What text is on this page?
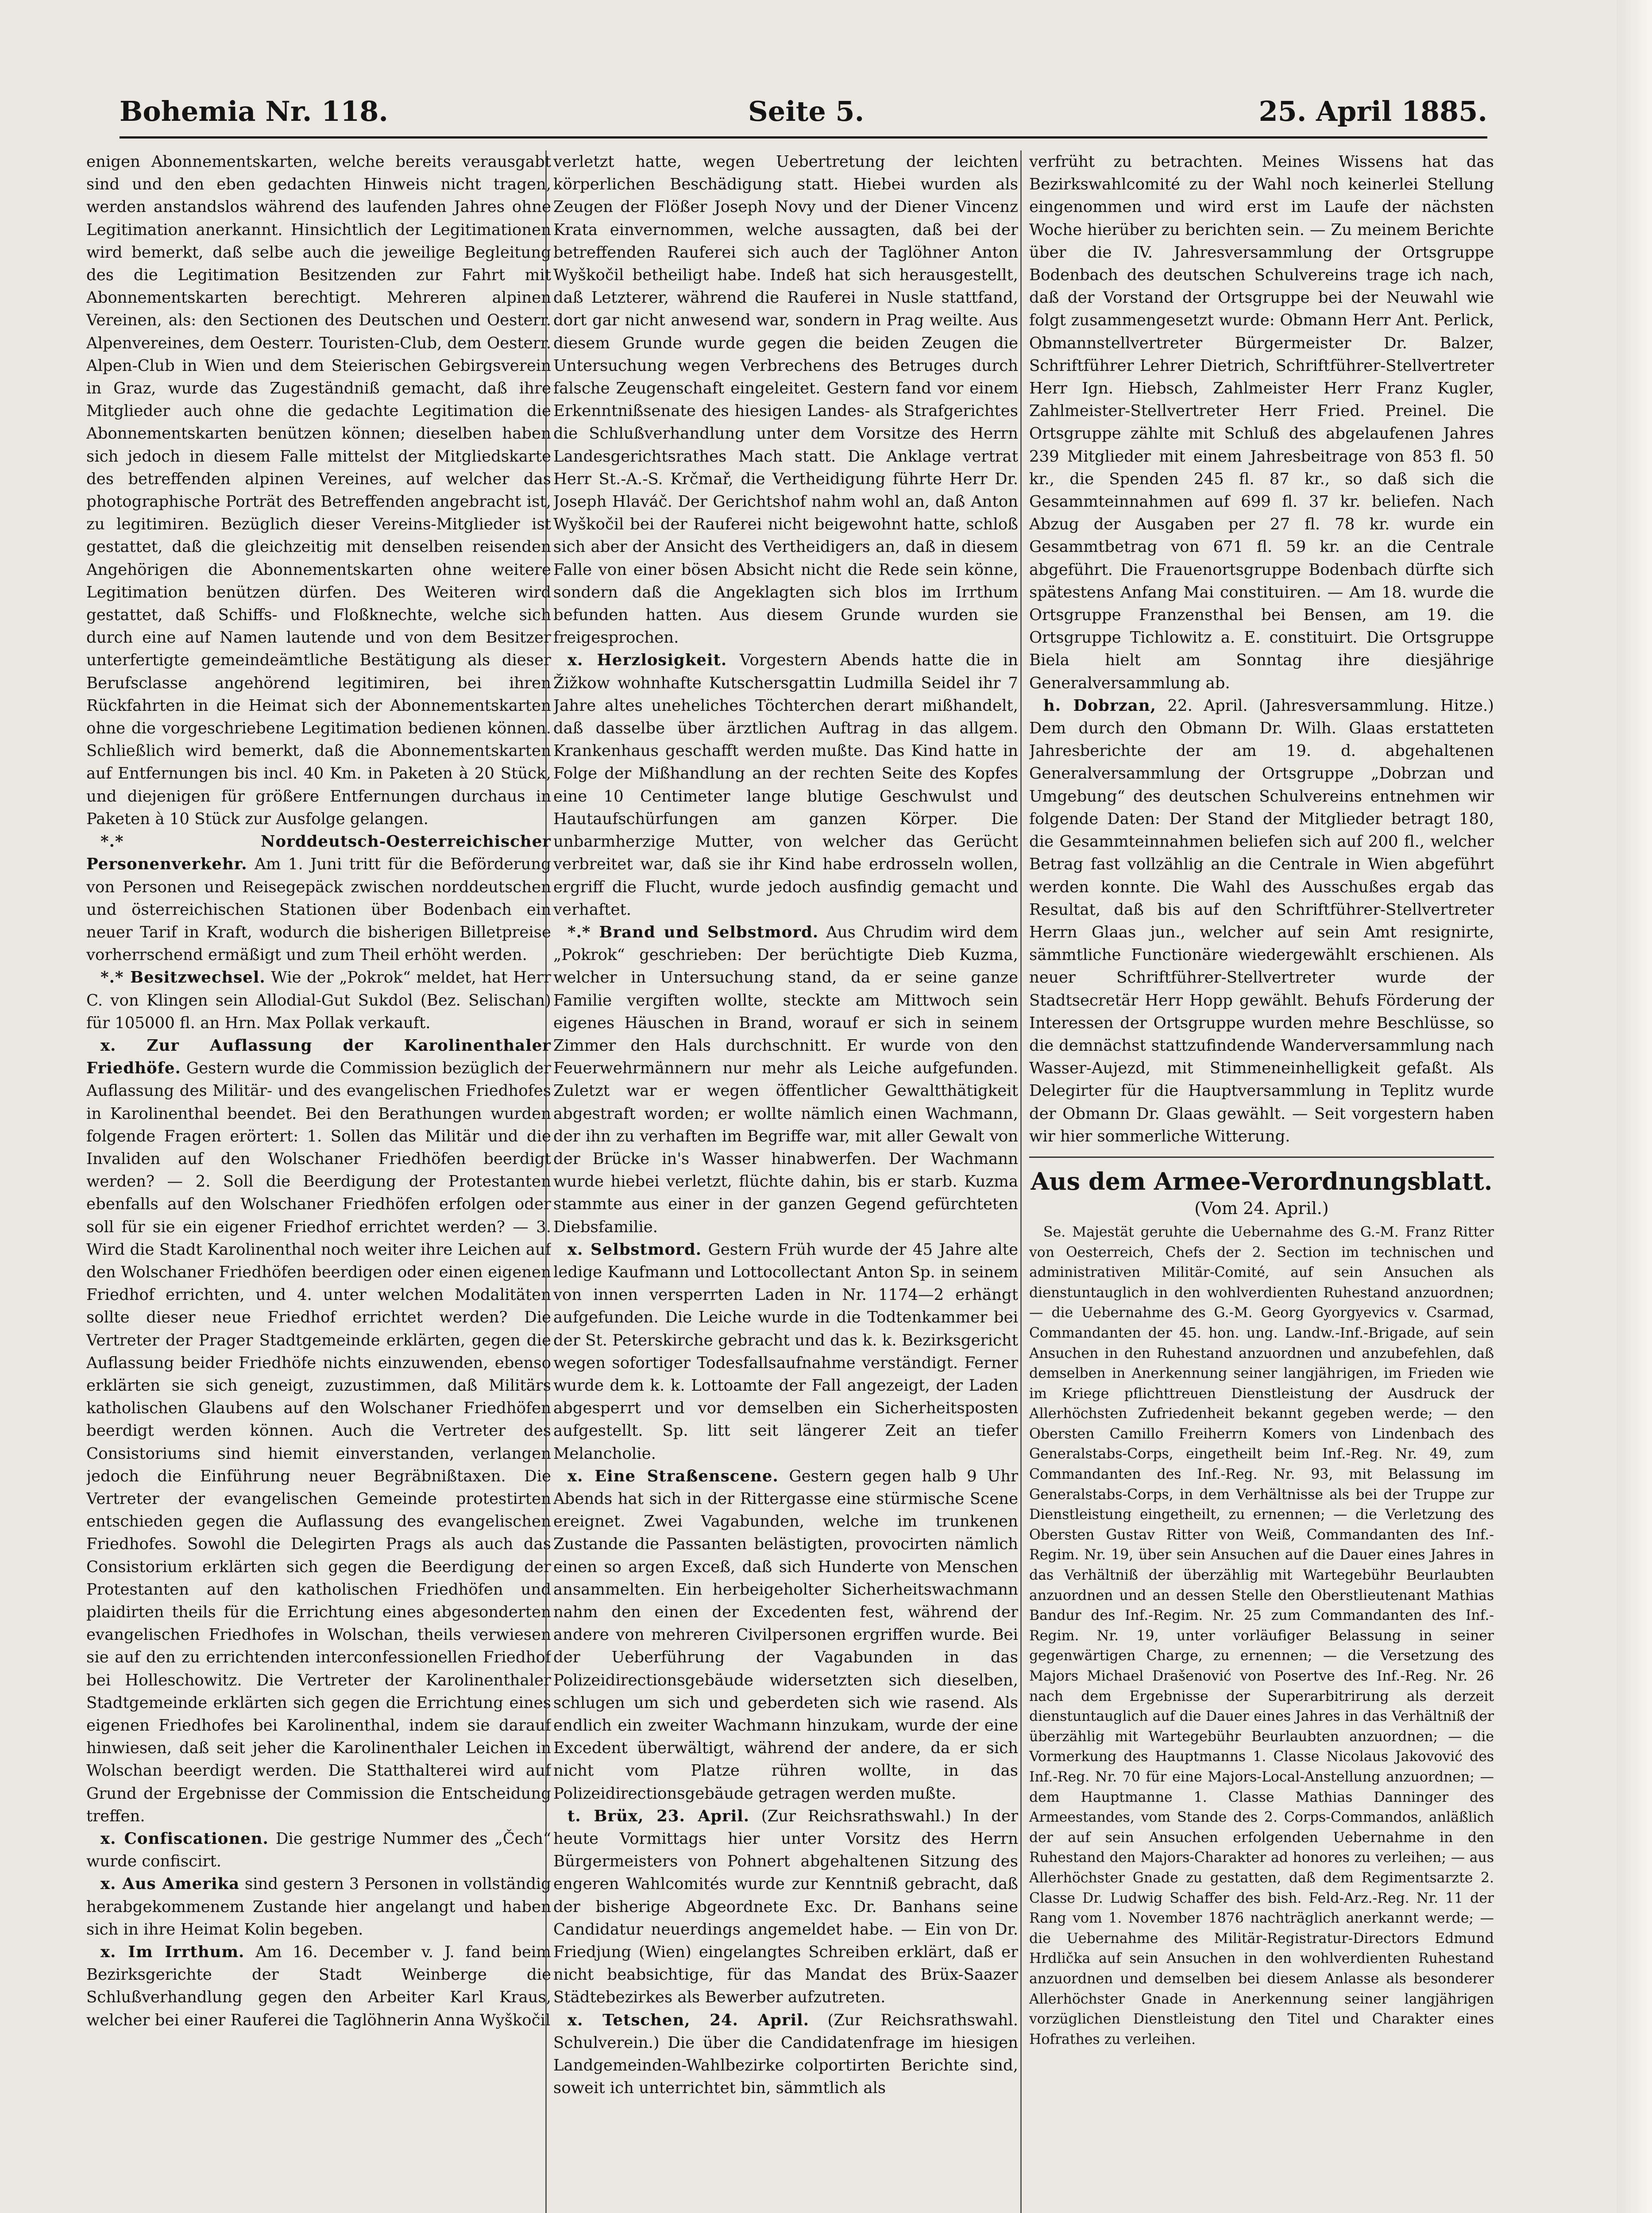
Bohemia Nr. 118.	Seite 5.	25. April 1885.

enigen Abonnementskarten, welche bereits verausgabt sind und den eben gedachten Hinweis nicht tragen, werden anstandslos während des laufenden Jahres ohne Legitimation anerkannt. Hinsichtlich der Legitimationen wird bemerkt, daß selbe auch die jeweilige Begleitung des die Legitimation Besitzenden zur Fahrt mit Abonnementskarten berechtigt. Mehreren alpinen Vereinen, als: den Sectionen des Deutschen und Oesterr. Alpenvereines, dem Oesterr. Touristen-Club, dem Oesterr. Alpen-Club in Wien und dem Steierischen Gebirgsverein in Graz, wurde das Zugeständniß gemacht, daß ihre Mitglieder auch ohne die gedachte Legitimation die Abonnementskarten benützen können; dieselben haben sich jedoch in diesem Falle mittelst der Mitgliedskarte des betreffenden alpinen Vereines, auf welcher das photographische Porträt des Betreffenden angebracht ist, zu legitimiren. Bezüglich dieser Vereins-Mitglieder ist gestattet, daß die gleichzeitig mit denselben reisenden Angehörigen die Abonnementskarten ohne weitere Legitimation benützen dürfen. Des Weiteren wird gestattet, daß Schiffs- und Floßknechte, welche sich durch eine auf Namen lautende und von dem Besitzer unterfertigte gemeindeämtliche Bestätigung als dieser Berufsclasse angehörend legitimiren, bei ihren Rückfahrten in die Heimat sich der Abonnementskarten ohne die vorgeschriebene Legitimation bedienen können. Schließlich wird bemerkt, daß die Abonnementskarten auf Entfernungen bis incl. 40 Km. in Paketen à 20 Stück, und diejenigen für größere Entfernungen durchaus in Paketen à 10 Stück zur Ausfolge gelangen.

*.* Norddeutsch-Oesterreichischer Personenverkehr. Am 1. Juni tritt für die Beförderung von Personen und Reisegepäck zwischen norddeutschen und österreichischen Stationen über Bodenbach ein neuer Tarif in Kraft, wodurch die bisherigen Billetpreise vorherrschend ermäßigt und zum Theil erhöht werden.

*.* Besitzwechsel. Wie der „Pokrok“ meldet, hat Herr C. von Klingen sein Allodial-Gut Sukdol (Bez. Selischan) für 105000 fl. an Hrn. Max Pollak verkauft.

x. Zur Auflassung der Karolinenthaler Friedhöfe. Gestern wurde die Commission bezüglich der Auflassung des Militär- und des evangelischen Friedhofes in Karolinenthal beendet. Bei den Berathungen wurden folgende Fragen erörtert: 1. Sollen das Militär und die Invaliden auf den Wolschaner Friedhöfen beerdigt werden? — 2. Soll die Beerdigung der Protestanten ebenfalls auf den Wolschaner Friedhöfen erfolgen oder soll für sie ein eigener Friedhof errichtet werden? — 3. Wird die Stadt Karolinenthal noch weiter ihre Leichen auf den Wolschaner Friedhöfen beerdigen oder einen eigenen Friedhof errichten, und 4. unter welchen Modalitäten sollte dieser neue Friedhof errichtet werden? Die Vertreter der Prager Stadtgemeinde erklärten, gegen die Auflassung beider Friedhöfe nichts einzuwenden, ebenso erklärten sie sich geneigt, zuzustimmen, daß Militärs katholischen Glaubens auf den Wolschaner Friedhöfen beerdigt werden können. Auch die Vertreter des Consistoriums sind hiemit einverstanden, verlangen jedoch die Einführung neuer Begräbnißtaxen. Die Vertreter der evangelischen Gemeinde protestirten entschieden gegen die Auflassung des evangelischen Friedhofes. Sowohl die Delegirten Prags als auch das Consistorium erklärten sich gegen die Beerdigung der Protestanten auf den katholischen Friedhöfen und plaidirten theils für die Errichtung eines abgesonderten evangelischen Friedhofes in Wolschan, theils verwiesen sie auf den zu errichtenden interconfessionellen Friedhof bei Holleschowitz. Die Vertreter der Karolinenthaler Stadtgemeinde erklärten sich gegen die Errichtung eines eigenen Friedhofes bei Karolinenthal, indem sie darauf hinwiesen, daß seit jeher die Karolinenthaler Leichen in Wolschan beerdigt werden. Die Statthalterei wird auf Grund der Ergebnisse der Commission die Entscheidung treffen.

x. Confiscationen. Die gestrige Nummer des „Čech“ wurde confiscirt.

x. Aus Amerika sind gestern 3 Personen in vollständig herabgekommenem Zustande hier angelangt und haben sich in ihre Heimat Kolin begeben.

x. Im Irrthum. Am 16. December v. J. fand beim Bezirksgerichte der Stadt Weinberge die Schlußverhandlung gegen den Arbeiter Karl Kraus, welcher bei einer Rauferei die Taglöhnerin Anna Wyškočil

verletzt hatte, wegen Uebertretung der leichten körperlichen Beschädigung statt. Hiebei wurden als Zeugen der Flößer Joseph Novy und der Diener Vincenz Krata einvernommen, welche aussagten, daß bei der betreffenden Rauferei sich auch der Taglöhner Anton Wyškočil betheiligt habe. Indeß hat sich herausgestellt, daß Letzterer, während die Rauferei in Nusle stattfand, dort gar nicht anwesend war, sondern in Prag weilte. Aus diesem Grunde wurde gegen die beiden Zeugen die Untersuchung wegen Verbrechens des Betruges durch falsche Zeugenschaft eingeleitet. Gestern fand vor einem Erkenntnißsenate des hiesigen Landes- als Strafgerichtes die Schlußverhandlung unter dem Vorsitze des Herrn Landesgerichtsrathes Mach statt. Die Anklage vertrat Herr St.-A.-S. Krčmař, die Vertheidigung führte Herr Dr. Joseph Hlaváč. Der Gerichtshof nahm wohl an, daß Anton Wyškočil bei der Rauferei nicht beigewohnt hatte, schloß sich aber der Ansicht des Vertheidigers an, daß in diesem Falle von einer bösen Absicht nicht die Rede sein könne, sondern daß die Angeklagten sich blos im Irrthum befunden hatten. Aus diesem Grunde wurden sie freigesprochen.

x. Herzlosigkeit. Vorgestern Abends hatte die in Žižkow wohnhafte Kutschersgattin Ludmilla Seidel ihr 7 Jahre altes uneheliches Töchterchen derart mißhandelt, daß dasselbe über ärztlichen Auftrag in das allgem. Krankenhaus geschafft werden mußte. Das Kind hatte in Folge der Mißhandlung an der rechten Seite des Kopfes eine 10 Centimeter lange blutige Geschwulst und Hautaufschürfungen am ganzen Körper. Die unbarmherzige Mutter, von welcher das Gerücht verbreitet war, daß sie ihr Kind habe erdrosseln wollen, ergriff die Flucht, wurde jedoch ausfindig gemacht und verhaftet.

*.* Brand und Selbstmord. Aus Chrudim wird dem „Pokrok“ geschrieben: Der berüchtigte Dieb Kuzma, welcher in Untersuchung stand, da er seine ganze Familie vergiften wollte, steckte am Mittwoch sein eigenes Häuschen in Brand, worauf er sich in seinem Zimmer den Hals durchschnitt. Er wurde von den Feuerwehrmännern nur mehr als Leiche aufgefunden. Zuletzt war er wegen öffentlicher Gewaltthätigkeit abgestraft worden; er wollte nämlich einen Wachmann, der ihn zu verhaften im Begriffe war, mit aller Gewalt von der Brücke in's Wasser hinabwerfen. Der Wachmann wurde hiebei verletzt, flüchte dahin, bis er starb. Kuzma stammte aus einer in der ganzen Gegend gefürchteten Diebsfamilie.

x. Selbstmord. Gestern Früh wurde der 45 Jahre alte ledige Kaufmann und Lottocollectant Anton Sp. in seinem von innen versperrten Laden in Nr. 1174—2 erhängt aufgefunden. Die Leiche wurde in die Todtenkammer bei der St. Peterskirche gebracht und das k. k. Bezirksgericht wegen sofortiger Todesfallsaufnahme verständigt. Ferner wurde dem k. k. Lottoamte der Fall angezeigt, der Laden abgesperrt und vor demselben ein Sicherheitsposten aufgestellt. Sp. litt seit längerer Zeit an tiefer Melancholie.

x. Eine Straßenscene. Gestern gegen halb 9 Uhr Abends hat sich in der Rittergasse eine stürmische Scene ereignet. Zwei Vagabunden, welche im trunkenen Zustande die Passanten belästigten, provocirten nämlich einen so argen Exceß, daß sich Hunderte von Menschen ansammelten. Ein herbeigeholter Sicherheitswachmann nahm den einen der Excedenten fest, während der andere von mehreren Civilpersonen ergriffen wurde. Bei der Ueberführung der Vagabunden in das Polizeidirectionsgebäude widersetzten sich dieselben, schlugen um sich und geberdeten sich wie rasend. Als endlich ein zweiter Wachmann hinzukam, wurde der eine Excedent überwältigt, während der andere, da er sich nicht vom Platze rühren wollte, in das Polizeidirectionsgebäude getragen werden mußte.

t. Brüx, 23. April. (Zur Reichsrathswahl.) In der heute Vormittags hier unter Vorsitz des Herrn Bürgermeisters von Pohnert abgehaltenen Sitzung des engeren Wahlcomités wurde zur Kenntniß gebracht, daß der bisherige Abgeordnete Exc. Dr. Banhans seine Candidatur neuerdings angemeldet habe. — Ein von Dr. Friedjung (Wien) eingelangtes Schreiben erklärt, daß er nicht beabsichtige, für das Mandat des Brüx-Saazer Städtebezirkes als Bewerber aufzutreten.

x. Tetschen, 24. April. (Zur Reichsrathswahl. Schulverein.) Die über die Candidatenfrage im hiesigen Landgemeinden-Wahlbezirke colportirten Berichte sind, soweit ich unterrichtet bin, sämmtlich als

verfrüht zu betrachten. Meines Wissens hat das Bezirkswahlcomité zu der Wahl noch keinerlei Stellung eingenommen und wird erst im Laufe der nächsten Woche hierüber zu berichten sein. — Zu meinem Berichte über die IV. Jahresversammlung der Ortsgruppe Bodenbach des deutschen Schulvereins trage ich nach, daß der Vorstand der Ortsgruppe bei der Neuwahl wie folgt zusammengesetzt wurde: Obmann Herr Ant. Perlick, Obmannstellvertreter Bürgermeister Dr. Balzer, Schriftführer Lehrer Dietrich, Schriftführer-Stellvertreter Herr Ign. Hiebsch, Zahlmeister Herr Franz Kugler, Zahlmeister-Stellvertreter Herr Fried. Preinel. Die Ortsgruppe zählte mit Schluß des abgelaufenen Jahres 239 Mitglieder mit einem Jahresbeitrage von 853 fl. 50 kr., die Spenden 245 fl. 87 kr., so daß sich die Gesammteinnahmen auf 699 fl. 37 kr. beliefen. Nach Abzug der Ausgaben per 27 fl. 78 kr. wurde ein Gesammtbetrag von 671 fl. 59 kr. an die Centrale abgeführt. Die Frauenortsgruppe Bodenbach dürfte sich spätestens Anfang Mai constituiren. — Am 18. wurde die Ortsgruppe Franzensthal bei Bensen, am 19. die Ortsgruppe Tichlowitz a. E. constituirt. Die Ortsgruppe Biela hielt am Sonntag ihre diesjährige Generalversammlung ab.

h. Dobrzan, 22. April. (Jahresversammlung. Hitze.) Dem durch den Obmann Dr. Wilh. Glaas erstatteten Jahresberichte der am 19. d. abgehaltenen Generalversammlung der Ortsgruppe „Dobrzan und Umgebung“ des deutschen Schulvereins entnehmen wir folgende Daten: Der Stand der Mitglieder betragt 180, die Gesammteinnahmen beliefen sich auf 200 fl., welcher Betrag fast vollzählig an die Centrale in Wien abgeführt werden konnte. Die Wahl des Ausschußes ergab das Resultat, daß bis auf den Schriftführer-Stellvertreter Herrn Glaas jun., welcher auf sein Amt resignirte, sämmtliche Functionäre wiedergewählt erschienen. Als neuer Schriftführer-Stellvertreter wurde der Stadtsecretär Herr Hopp gewählt. Behufs Förderung der Interessen der Ortsgruppe wurden mehre Beschlüsse, so die demnächst stattzufindende Wanderversammlung nach Wasser-Aujezd, mit Stimmeneinhelligkeit gefaßt. Als Delegirter für die Hauptversammlung in Teplitz wurde der Obmann Dr. Glaas gewählt. — Seit vorgestern haben wir hier sommerliche Witterung.

Aus dem Armee-Verordnungsblatt.
(Vom 24. April.)

Se. Majestät geruhte die Uebernahme des G.-M. Franz Ritter von Oesterreich, Chefs der 2. Section im technischen und administrativen Militär-Comité, auf sein Ansuchen als dienstuntauglich in den wohlverdienten Ruhestand anzuordnen; — die Uebernahme des G.-M. Georg Gyorgyevics v. Csarmad, Commandanten der 45. hon. ung. Landw.-Inf.-Brigade, auf sein Ansuchen in den Ruhestand anzuordnen und anzubefehlen, daß demselben in Anerkennung seiner langjährigen, im Frieden wie im Kriege pflichttreuen Dienstleistung der Ausdruck der Allerhöchsten Zufriedenheit bekannt gegeben werde; — den Obersten Camillo Freiherrn Komers von Lindenbach des Generalstabs-Corps, eingetheilt beim Inf.-Reg. Nr. 49, zum Commandanten des Inf.-Reg. Nr. 93, mit Belassung im Generalstabs-Corps, in dem Verhältnisse als bei der Truppe zur Dienstleistung eingetheilt, zu ernennen; — die Verletzung des Obersten Gustav Ritter von Weiß, Commandanten des Inf.-Regim. Nr. 19, über sein Ansuchen auf die Dauer eines Jahres in das Verhältniß der überzählig mit Wartegebühr Beurlaubten anzuordnen und an dessen Stelle den Oberstlieutenant Mathias Bandur des Inf.-Regim. Nr. 25 zum Commandanten des Inf.-Regim. Nr. 19, unter vorläufiger Belassung in seiner gegenwärtigen Charge, zu ernennen; — die Versetzung des Majors Michael Drašenović von Posertve des Inf.-Reg. Nr. 26 nach dem Ergebnisse der Superarbitrirung als derzeit dienstuntauglich auf die Dauer eines Jahres in das Verhältniß der überzählig mit Wartegebühr Beurlaubten anzuordnen; — die Vormerkung des Hauptmanns 1. Classe Nicolaus Jakovović des Inf.-Reg. Nr. 70 für eine Majors-Local-Anstellung anzuordnen; — dem Hauptmanne 1. Classe Mathias Danninger des Armeestandes, vom Stande des 2. Corps-Commandos, anläßlich der auf sein Ansuchen erfolgenden Uebernahme in den Ruhestand den Majors-Charakter ad honores zu verleihen; — aus Allerhöchster Gnade zu gestatten, daß dem Regimentsarzte 2. Classe Dr. Ludwig Schaffer des bish. Feld-Arz.-Reg. Nr. 11 der Rang vom 1. November 1876 nachträglich anerkannt werde; — die Uebernahme des Militär-Registratur-Directors Edmund Hrdlička auf sein Ansuchen in den wohlverdienten Ruhestand anzuordnen und demselben bei diesem Anlasse als besonderer Allerhöchster Gnade in Anerkennung seiner langjährigen vorzüglichen Dienstleistung den Titel und Charakter eines Hofrathes zu verleihen.
